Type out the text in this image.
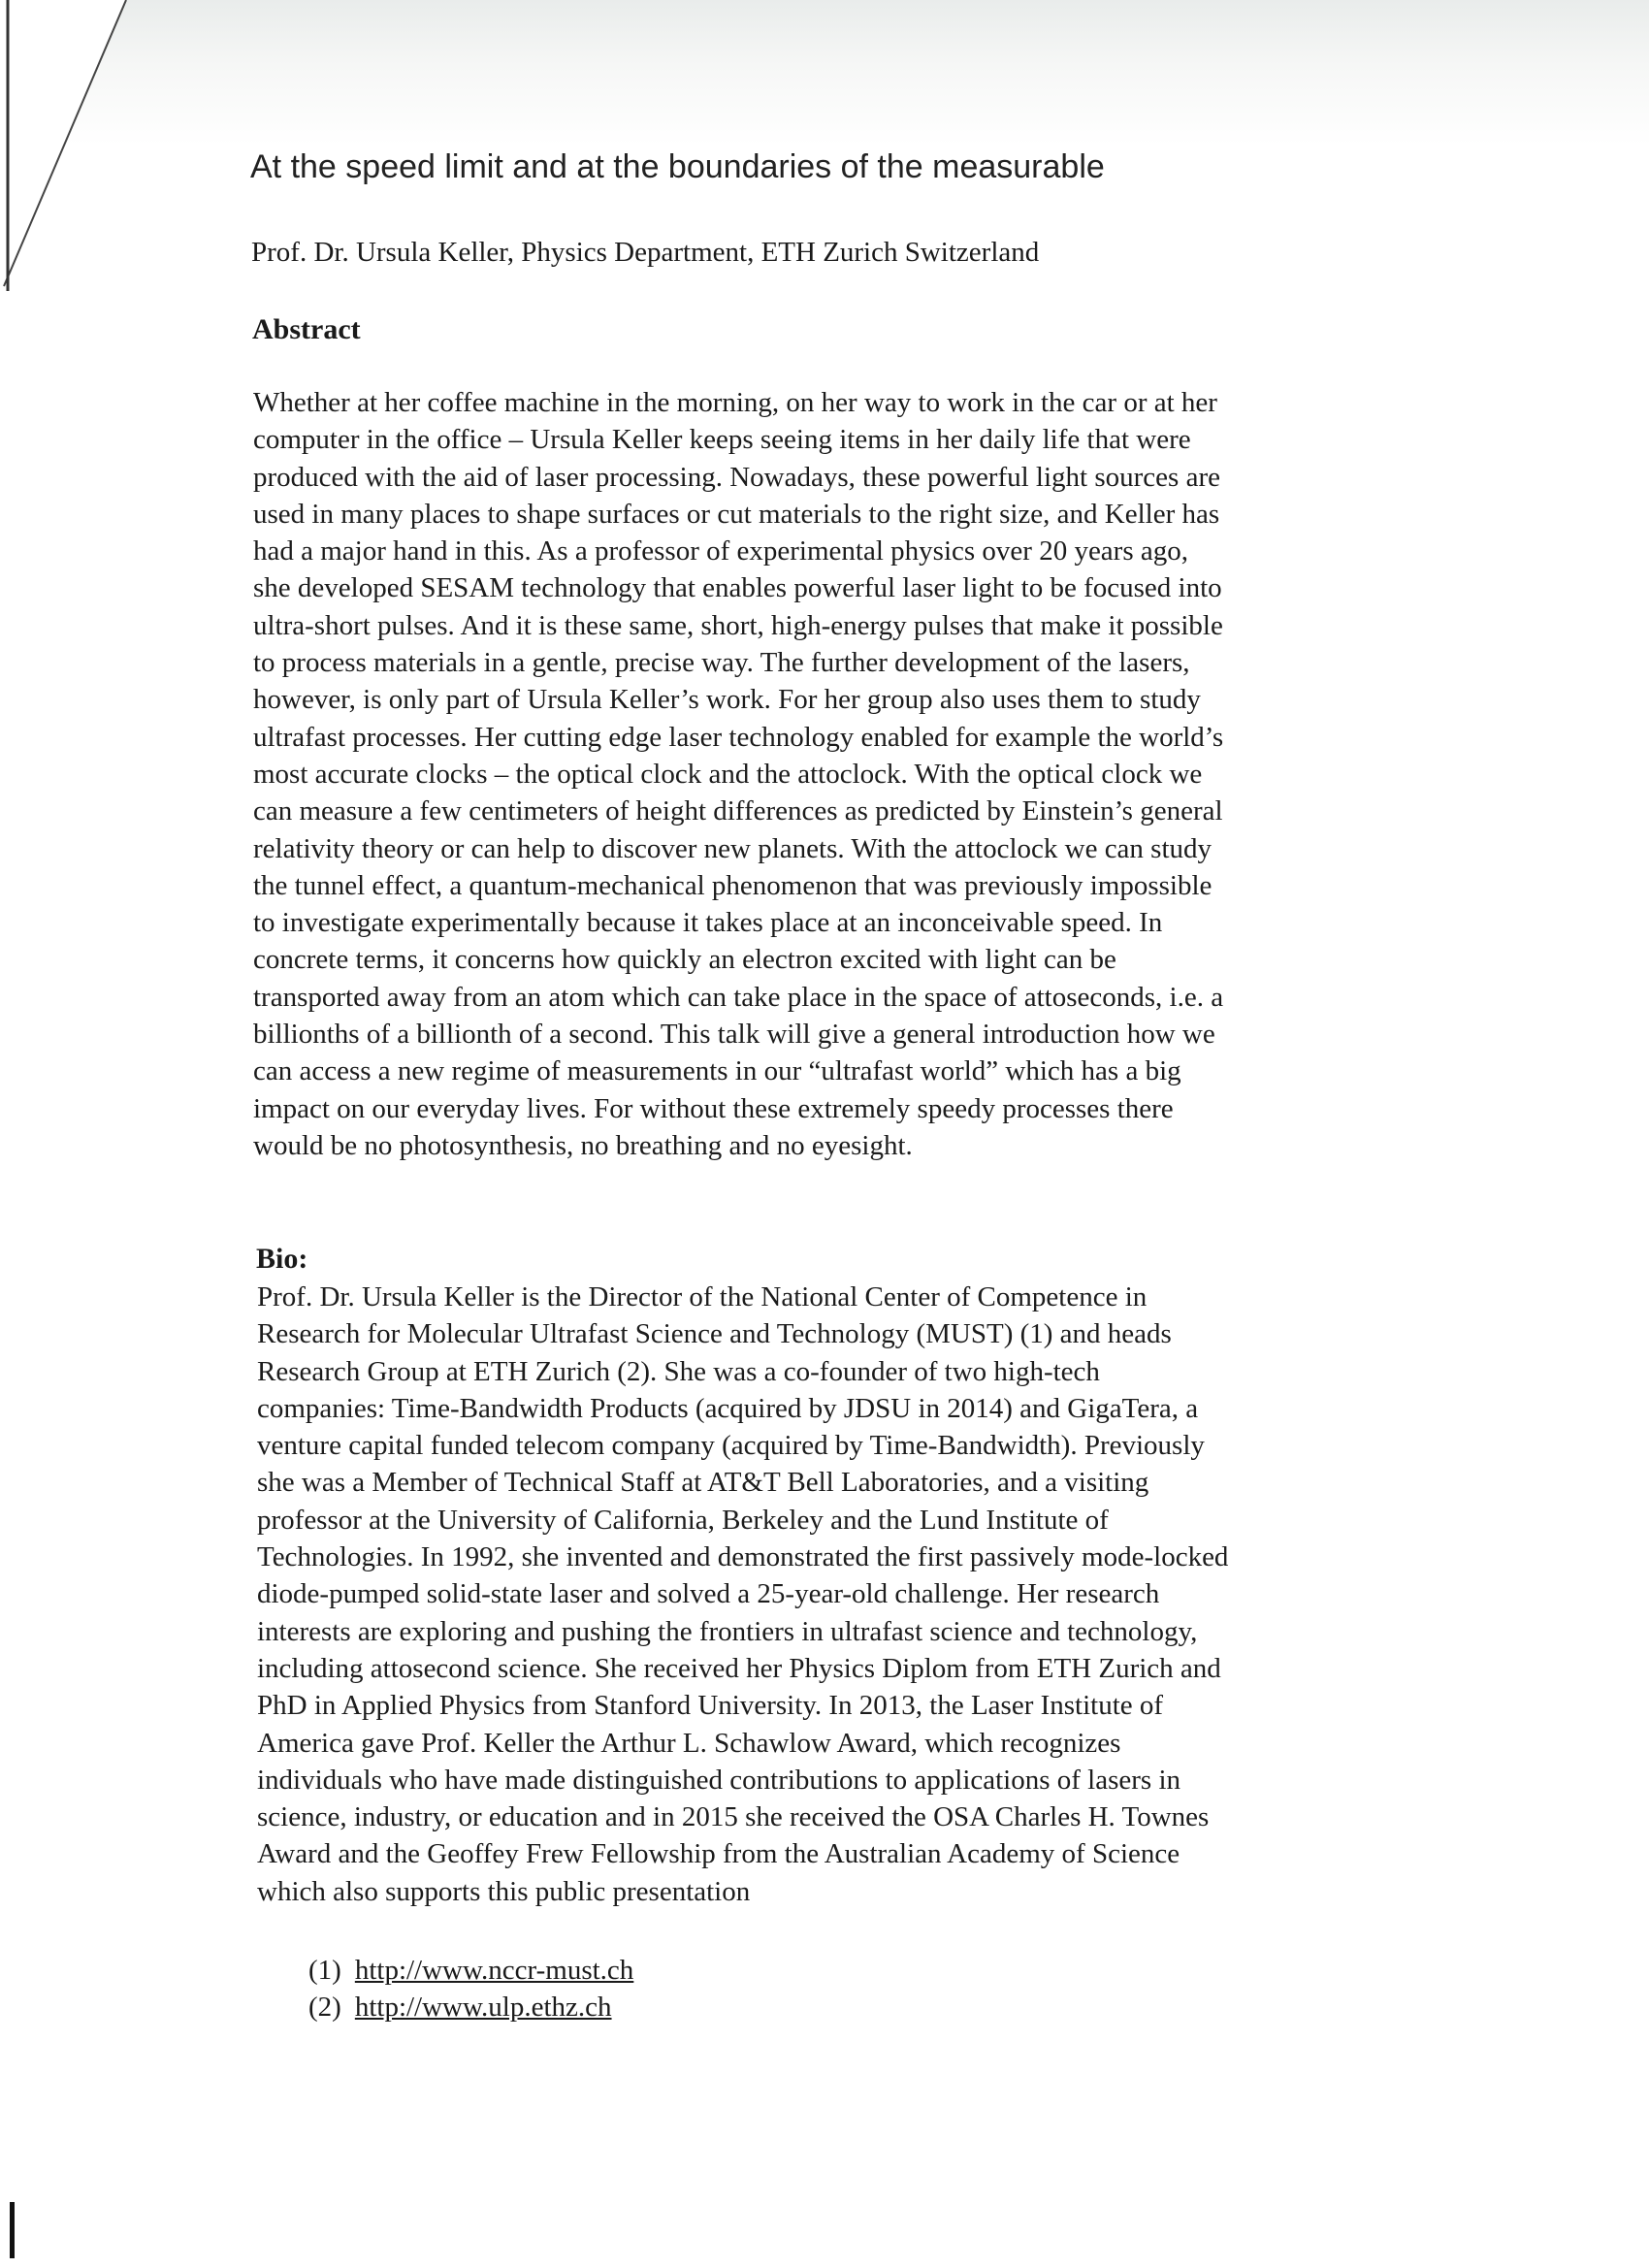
At the speed limit and at the boundaries of the measurable
Prof. Dr. Ursula Keller, Physics Department, ETH Zurich Switzerland
Abstract
Whether at her coffee machine in the morning, on her way to work in the car or at her
computer in the office – Ursula Keller keeps seeing items in her daily life that were
produced with the aid of laser processing. Nowadays, these powerful light sources are
used in many places to shape surfaces or cut materials to the right size, and Keller has
had a major hand in this. As a professor of experimental physics over 20 years ago,
she developed SESAM technology that enables powerful laser light to be focused into
ultra-short pulses. And it is these same, short, high-energy pulses that make it possible
to process materials in a gentle, precise way. The further development of the lasers,
however, is only part of Ursula Keller’s work. For her group also uses them to study
ultrafast processes. Her cutting edge laser technology enabled for example the world’s
most accurate clocks – the optical clock and the attoclock. With the optical clock we
can measure a few centimeters of height differences as predicted by Einstein’s general
relativity theory or can help to discover new planets. With the attoclock we can study
the tunnel effect, a quantum-mechanical phenomenon that was previously impossible
to investigate experimentally because it takes place at an inconceivable speed. In
concrete terms, it concerns how quickly an electron excited with light can be
transported away from an atom which can take place in the space of attoseconds, i.e. a
billionths of a billionth of a second. This talk will give a general introduction how we
can access a new regime of measurements in our “ultrafast world” which has a big
impact on our everyday lives. For without these extremely speedy processes there
would be no photosynthesis, no breathing and no eyesight.
Bio:
Prof. Dr. Ursula Keller is the Director of the National Center of Competence in
Research for Molecular Ultrafast Science and Technology (MUST) (1) and heads
Research Group at ETH Zurich (2). She was a co-founder of two high-tech
companies: Time-Bandwidth Products (acquired by JDSU in 2014) and GigaTera, a
venture capital funded telecom company (acquired by Time-Bandwidth). Previously
she was a Member of Technical Staff at AT&T Bell Laboratories, and a visiting
professor at the University of California, Berkeley and the Lund Institute of
Technologies. In 1992, she invented and demonstrated the first passively mode-locked
diode-pumped solid-state laser and solved a 25-year-old challenge. Her research
interests are exploring and pushing the frontiers in ultrafast science and technology,
including attosecond science. She received her Physics Diplom from ETH Zurich and
PhD in Applied Physics from Stanford University. In 2013, the Laser Institute of
America gave Prof. Keller the Arthur L. Schawlow Award, which recognizes
individuals who have made distinguished contributions to applications of lasers in
science, industry, or education and in 2015 she received the OSA Charles H. Townes
Award and the Geoffey Frew Fellowship from the Australian Academy of Science
which also supports this public presentation
(1) http://www.nccr-must.ch
(2) http://www.ulp.ethz.ch
